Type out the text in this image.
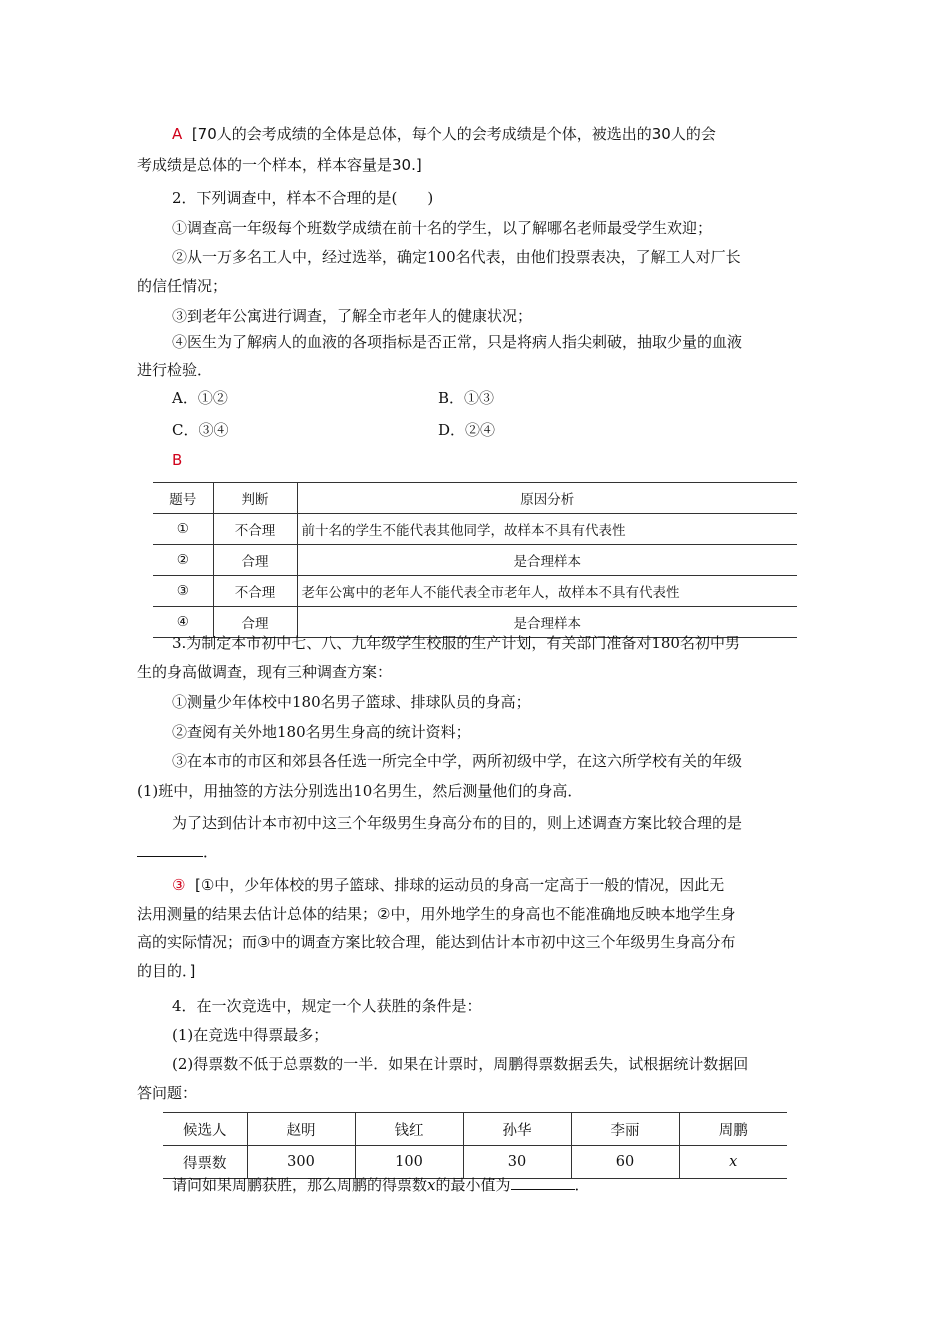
A [70人的会考成绩的全体是总体，每个人的会考成绩是个体，被选出的30人的会
考成绩是总体的一个样本，样本容量是30.]
2．下列调查中，样本不合理的是(　　)
①调查高一年级每个班数学成绩在前十名的学生，以了解哪名老师最受学生欢迎；
②从一万多名工人中，经过选举，确定100名代表，由他们投票表决，了解工人对厂长
的信任情况；
③到老年公寓进行调查，了解全市老年人的健康状况；
④医生为了解病人的血液的各项指标是否正常，只是将病人指尖刺破，抽取少量的血液
进行检验．
A．①②	B．①③
C．③④	D．②④
B
题号	判断	原因分析
①	不合理	前十名的学生不能代表其他同学，故样本不具有代表性
②	合理	是合理样本
③	不合理	老年公寓中的老年人不能代表全市老年人，故样本不具有代表性
④	合理	是合理样本
3.为制定本市初中七、八、九年级学生校服的生产计划，有关部门准备对180名初中男
生的身高做调查，现有三种调查方案：
①测量少年体校中180名男子篮球、排球队员的身高；
②查阅有关外地180名男生身高的统计资料；
③在本市的市区和郊县各任选一所完全中学，两所初级中学，在这六所学校有关的年级
(1)班中，用抽签的方法分别选出10名男生，然后测量他们的身高．
为了达到估计本市初中这三个年级男生身高分布的目的，则上述调查方案比较合理的是
．
③ [①中，少年体校的男子篮球、排球的运动员的身高一定高于一般的情况，因此无
法用测量的结果去估计总体的结果；②中，用外地学生的身高也不能准确地反映本地学生身
高的实际情况；而③中的调查方案比较合理，能达到估计本市初中这三个年级男生身高分布
的目的．]
4．在一次竞选中，规定一个人获胜的条件是：
(1)在竞选中得票最多；
(2)得票数不低于总票数的一半．如果在计票时，周鹏得票数据丢失，试根据统计数据回
答问题：
候选人	赵明	钱红	孙华	李丽	周鹏
得票数	300	100	30	60	x
请问如果周鹏获胜，那么周鹏的得票数x的最小值为	．
